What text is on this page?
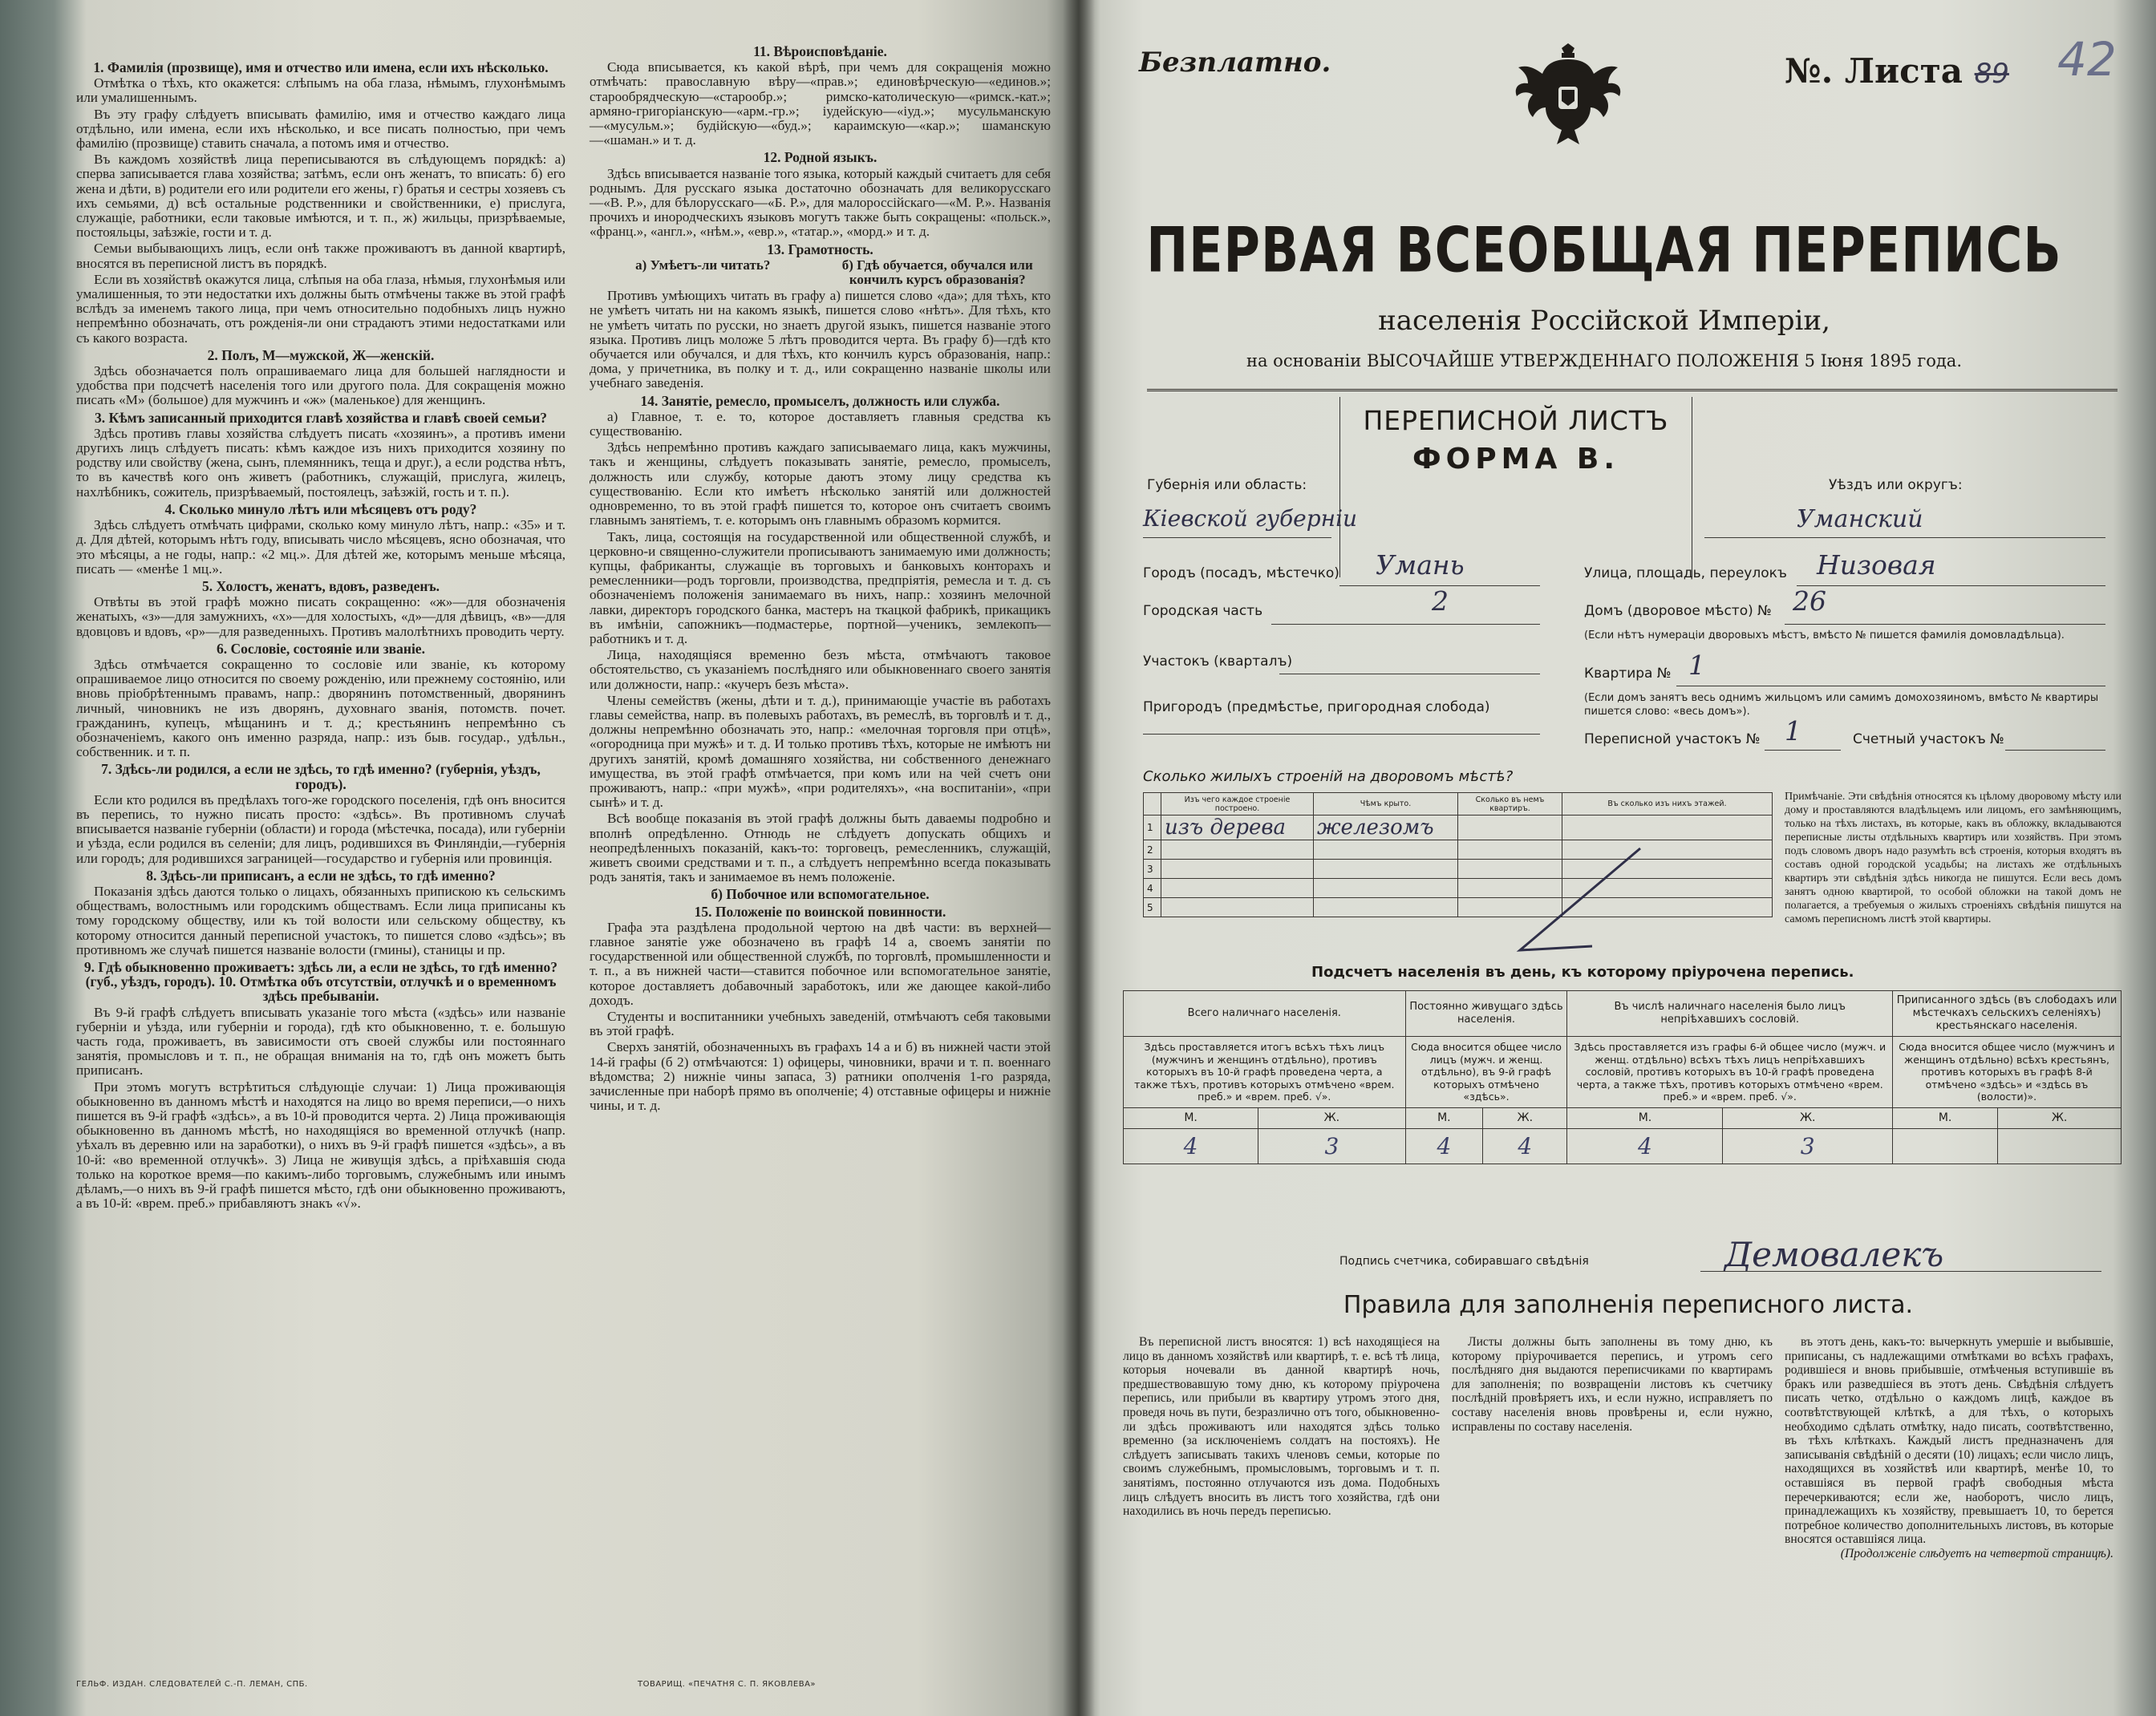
1. Фамилія (прозвище), имя и отчество или имена, если ихъ нѣсколько.

Отмѣтка о тѣхъ, кто окажется: слѣпымъ на оба глаза, нѣмымъ, глухонѣмымъ или умалишеннымъ.

Въ эту графу слѣдуетъ вписывать фамилію, имя и отчество каждаго лица отдѣльно, или имена, если ихъ нѣсколько, и все писать полностью, при чемъ фамилію (прозвище) ставить сначала, а потомъ имя и отчество.

Въ каждомъ хозяйствѣ лица переписываются въ слѣдующемъ порядкѣ: а) сперва записывается глава хозяйства; затѣмъ, если онъ женатъ, то вписать: б) его жена и дѣти, в) родители его или родители его жены, г) братья и сестры хозяевъ съ ихъ семьями, д) всѣ остальные родственники и свойственники, е) прислуга, служащіе, работники, если таковые имѣются, и т. п., ж) жильцы, призрѣваемые, постояльцы, заѣзжіе, гости и т. д.

Семьи выбывающихъ лицъ, если онѣ также проживаютъ въ данной квартирѣ, вносятся въ переписной листъ въ порядкѣ.

Если въ хозяйствѣ окажутся лица, слѣпыя на оба глаза, нѣмыя, глухонѣмыя или умалишенныя, то эти недостатки ихъ должны быть отмѣчены также въ этой графѣ вслѣдъ за именемъ такого лица, при чемъ относительно подобныхъ лицъ нужно непремѣнно обозначать, отъ рожденія-ли они страдаютъ этими недостатками или съ какого возраста.

2. Полъ, М—мужской, Ж—женскій.

Здѣсь обозначается полъ опрашиваемаго лица для большей наглядности и удобства при подсчетѣ населенія того или другого пола. Для сокращенія можно писать «М» (большое) для мужчинъ и «ж» (маленькое) для женщинъ.

3. Кѣмъ записанный приходится главѣ хозяйства и главѣ своей семьи?

Здѣсь противъ главы хозяйства слѣдуетъ писать «хозяинъ», а противъ имени другихъ лицъ слѣдуетъ писать: кѣмъ каждое изъ нихъ приходится хозяину по родству или свойству (жена, сынъ, племянникъ, теща и друг.), а если родства нѣтъ, то въ качествѣ кого онъ живетъ (работникъ, служащій, прислуга, жилецъ, нахлѣбникъ, сожитель, призрѣваемый, постоялецъ, заѣзжій, гость и т. п.).

4. Сколько минуло лѣтъ или мѣсяцевъ отъ роду?

Здѣсь слѣдуетъ отмѣчать цифрами, сколько кому минуло лѣтъ, напр.: «35» и т. д. Для дѣтей, которымъ нѣтъ году, вписывать число мѣсяцевъ, ясно обозначая, что это мѣсяцы, а не годы, напр.: «2 мц.». Для дѣтей же, которымъ меньше мѣсяца, писать — «менѣе 1 мц.».

5. Холостъ, женатъ, вдовъ, разведенъ.

Отвѣты въ этой графѣ можно писать сокращенно: «ж»—для обозначенія женатыхъ, «з»—для замужнихъ, «х»—для холостыхъ, «д»—для дѣвицъ, «в»—для вдовцовъ и вдовъ, «р»—для разведенныхъ. Противъ малолѣтнихъ проводить черту.

6. Сословіе, состояніе или званіе.

Здѣсь отмѣчается сокращенно то сословіе или званіе, къ которому опрашиваемое лицо относится по своему рожденію, или прежнему состоянію, или вновь пріобрѣтеннымъ правамъ, напр.: дворянинъ потомственный, дворянинъ личный, чиновникъ не изъ дворянъ, духовнаго званія, потомств. почет. гражданинъ, купецъ, мѣщанинъ и т. д.; крестьянинъ непремѣнно съ обозначеніемъ, какого онъ именно разряда, напр.: изъ быв. государ., удѣльн., собственник. и т. п.

7. Здѣсь-ли родился, а если не здѣсь, то гдѣ именно? (губернія, уѣздъ, городъ).

Если кто родился въ предѣлахъ того-же городского поселенія, гдѣ онъ вносится въ перепись, то нужно писать просто: «здѣсь». Въ противномъ случаѣ вписывается названіе губерніи (области) и города (мѣстечка, посада), или губерніи и уѣзда, если родился въ селеніи; для лицъ, родившихся въ Финляндіи,—губернія или городъ; для родившихся заграницей—государство и губернія или провинція.

8. Здѣсь-ли приписанъ, а если не здѣсь, то гдѣ именно?

Показанія здѣсь даются только о лицахъ, обязанныхъ припискою къ сельскимъ обществамъ, волостнымъ или городскимъ обществамъ. Если лица приписаны къ тому городскому обществу, или къ той волости или сельскому обществу, къ которому относится данный переписной участокъ, то пишется слово «здѣсь»; въ противномъ же случаѣ пишется названіе волости (гмины), станицы и пр.

9. Гдѣ обыкновенно проживаетъ: здѣсь ли, а если не здѣсь, то гдѣ именно? (губ., уѣздъ, городъ). 10. Отмѣтка объ отсутствіи, отлучкѣ и о временномъ здѣсь пребываніи.

Въ 9-й графѣ слѣдуетъ вписывать указаніе того мѣста («здѣсь» или названіе губерніи и уѣзда, или губерніи и города), гдѣ кто обыкновенно, т. е. большую часть года, проживаетъ, въ зависимости отъ своей службы или постояннаго занятія, промысловъ и т. п., не обращая вниманія на то, гдѣ онъ можетъ быть приписанъ.

При этомъ могутъ встрѣтиться слѣдующіе случаи: 1) Лица проживающія обыкновенно въ данномъ мѣстѣ и находятся на лицо во время переписи,—о нихъ пишется въ 9-й графѣ «здѣсь», а въ 10-й проводится черта. 2) Лица проживающія обыкновенно въ данномъ мѣстѣ, но находящіяся во временной отлучкѣ (напр. уѣхалъ въ деревню или на заработки), о нихъ въ 9-й графѣ пишется «здѣсь», а въ 10-й: «во временной отлучкѣ». 3) Лица не живущія здѣсь, а пріѣхавшія сюда только на короткое время—по какимъ-либо торговымъ, служебнымъ или инымъ дѣламъ,—о нихъ въ 9-й графѣ пишется мѣсто, гдѣ они обыкновенно проживаютъ, а въ 10-й: «врем. преб.» прибавляютъ знакъ «√».

11. Вѣроисповѣданіе.

Сюда вписывается, къ какой вѣрѣ, при чемъ для сокращенія можно отмѣчать: православную вѣру—«прав.»; единовѣрческую—«единов.»; старообрядческую—«старообр.»; римско-католическую—«римск.-кат.»; армяно-григоріанскую—«арм.-гр.»; іудейскую—«іуд.»; мусульманскую—«мусульм.»; будійскую—«буд.»; караимскую—«кар.»; шаманскую—«шаман.» и т. д.

12. Родной языкъ.

Здѣсь вписывается названіе того языка, который каждый считаетъ для себя роднымъ. Для русскаго языка достаточно обозначать для великорусскаго—«В. Р.», для бѣлорусскаго—«Б. Р.», для малороссійскаго—«М. Р.». Названія прочихъ и инородческихъ языковъ могутъ также быть сокращены: «польск.», «франц.», «англ.», «нѣм.», «евр.», «татар.», «морд.» и т. д.

13. Грамотность.
а) Умѣетъ-ли читать?	б) Гдѣ обучается, обучался или кончилъ курсъ образованія?

Противъ умѣющихъ читать въ графу а) пишется слово «да»; для тѣхъ, кто не умѣетъ читать ни на какомъ языкѣ, пишется слово «нѣтъ». Для тѣхъ, кто не умѣетъ читать по русски, но знаетъ другой языкъ, пишется названіе этого языка. Противъ лицъ моложе 5 лѣтъ проводится черта. Въ графу б)—гдѣ кто обучается или обучался, и для тѣхъ, кто кончилъ курсъ образованія, напр.: дома, у причетника, въ полку и т. д., или сокращенно названіе школы или учебнаго заведенія.

14. Занятіе, ремесло, промыселъ, должность или служба.

а) Главное, т. е. то, которое доставляетъ главныя средства къ существованію.

Здѣсь непремѣнно противъ каждаго записываемаго лица, какъ мужчины, такъ и женщины, слѣдуетъ показывать занятіе, ремесло, промыселъ, должность или службу, которые даютъ этому лицу средства къ существованію. Если кто имѣетъ нѣсколько занятій или должностей одновременно, то въ этой графѣ пишется то, которое онъ считаетъ своимъ главнымъ занятіемъ, т. е. которымъ онъ главнымъ образомъ кормится.

Такъ, лица, состоящія на государственной или общественной службѣ, и церковно-и священно-служители прописываютъ занимаемую ими должность; купцы, фабриканты, служащіе въ торговыхъ и банковыхъ конторахъ и ремесленники—родъ торговли, производства, предпріятія, ремесла и т. д. съ обозначеніемъ положенія занимаемаго въ нихъ, напр.: хозяинъ мелочной лавки, директоръ городского банка, мастеръ на ткацкой фабрикѣ, прикащикъ въ имѣніи, сапожникъ—подмастерье, портной—ученикъ, землекопъ—работникъ и т. д.

Лица, находящіяся временно безъ мѣста, отмѣчаютъ таковое обстоятельство, съ указаніемъ послѣдняго или обыкновеннаго своего занятія или должности, напр.: «кучеръ безъ мѣста».

Члены семействъ (жены, дѣти и т. д.), принимающіе участіе въ работахъ главы семейства, напр. въ полевыхъ работахъ, въ ремеслѣ, въ торговлѣ и т. д., должны непремѣнно обозначать это, напр.: «мелочная торговля при отцѣ», «огородница при мужѣ» и т. д. И только противъ тѣхъ, которые не имѣютъ ни другихъ занятій, кромѣ домашняго хозяйства, ни собственного денежнаго имущества, въ этой графѣ отмѣчается, при комъ или на чей счетъ они проживаютъ, напр.: «при мужѣ», «при родителяхъ», «на воспитаніи», «при сынѣ» и т. д.

Всѣ вообще показанія въ этой графѣ должны быть даваемы подробно и вполнѣ опредѣленно. Отнюдь не слѣдуетъ допускать общихъ и неопредѣленныхъ показаній, какъ-то: торговецъ, ремесленникъ, служащій, живетъ своими средствами и т. п., а слѣдуетъ непремѣнно всегда показывать родъ занятія, такъ и занимаемое въ немъ положеніе.

б) Побочное или вспомогательное.
15. Положеніе по воинской повинности.

Графа эта раздѣлена продольной чертою на двѣ части: въ верхней—главное занятіе уже обозначено въ графѣ 14 а, своемъ занятіи по государственной или общественной службѣ, по торговлѣ, промышленности и т. п., а въ нижней части—ставится побочное или вспомогательное занятіе, которое доставляетъ добавочный заработокъ, или же дающее какой-либо доходъ.

Студенты и воспитанники учебныхъ заведеній, отмѣчаютъ себя таковыми въ этой графѣ.

Сверхъ занятій, обозначенныхъ въ графахъ 14 а и б) въ нижней части этой 14-й графы (б 2) отмѣчаются: 1) офицеры, чиновники, врачи и т. п. военнаго вѣдомства; 2) нижніе чины запаса, 3) ратники ополченія 1-го разряда, зачисленные при наборѣ прямо въ ополченіе; 4) отставные офицеры и нижніе чины, и т. д.

ГЕЛЬФ. ИЗДАН. СЛЕДОВАТЕЛЕЙ С.-П. ЛЕМАН, СПБ.	ТОВАРИЩ. «ПЕЧАТНЯ С. П. ЯКОВЛЕВА»
Безплатно.	№. Листа 89 42
ПЕРВАЯ ВСЕОБЩАЯ ПЕРЕПИСЬ
населенія Россійской Имперіи,
на основаніи ВЫСОЧАЙШЕ УТВЕРЖДЕННАГО ПОЛОЖЕНІЯ 5 Іюня 1895 года.
Губернія или область:
Кіевской губерніи
ПЕРЕПИСНОЙ ЛИСТЪ
ФОРМА В.
Уѣздъ или округъ:
Уманский
Городъ (посадъ, мѣстечко) Умань
Городская часть	2
Участокъ (кварталъ)
Пригородъ (предмѣстье, пригородная слобода)
Улица, площадь, переулокъ Низовая
Домъ (дворовое мѣсто) № 26
(Если нѣтъ нумераціи дворовыхъ мѣстъ, вмѣсто № пишется фамилія домовладѣльца).
Квартира № 1
(Если домъ занятъ весь однимъ жильцомъ или самимъ домохозяиномъ, вмѣсто № квартиры пишется слово: «весь домъ»).
Переписной участокъ № 1	Счетный участокъ №
Сколько жилыхъ строеній на дворовомъ мѣстѣ?
	Изъ чего каждое строеніе построено.	Чѣмъ крыто.	Сколько въ немъ квартиръ.	Въ сколько изъ нихъ этажей.
1	изъ дерева	железомъ		
2				
3				
4				
5				
Примѣчаніе. Эти свѣдѣнія относятся къ цѣлому дворовому мѣсту или дому и проставляются владѣльцемъ или лицомъ, его замѣняющимъ, только на тѣхъ листахъ, въ которые, какъ въ обложку, вкладываются переписные листы отдѣльныхъ квартиръ или хозяйствъ. При этомъ подъ словомъ дворъ надо разумѣть всѣ строенія, которыя входятъ въ составъ одной городской усадьбы; на листахъ же отдѣльныхъ квартиръ эти свѣдѣнія здѣсь никогда не пишутся. Если весь домъ занятъ одною квартирой, то особой обложки на такой домъ не полагается, а требуемыя о жилыхъ строеніяхъ свѣдѣнія пишутся на самомъ переписномъ листѣ этой квартиры.
Подсчетъ населенія въ день, къ которому пріурочена перепись.
Всего наличнаго населенія.		Постоянно живущаго здѣсь населенія.		Въ числѣ наличнаго населенія было лицъ непріѣхавшихъ сословій.		Приписанного здѣсь (въ слободахъ или мѣстечкахъ сельскихъ селеніяхъ) крестьянскаго населенія.	
Здѣсь проставляется итогъ всѣхъ тѣхъ лицъ (мужчинъ и женщинъ отдѣльно), противъ которыхъ въ 10-й графѣ проведена черта, а также тѣхъ, противъ которыхъ отмѣчено «врем. преб.» и «врем. преб. √».		Сюда вносится общее число лицъ (мужч. и женщ. отдѣльно), въ 9-й графѣ которыхъ отмѣчено «здѣсь».		Здѣсь проставляется изъ графы 6-й общее число (мужч. и женщ. отдѣльно) всѣхъ тѣхъ лицъ непріѣхавшихъ сословій, противъ которыхъ въ 10-й графѣ проведена черта, а также тѣхъ, противъ которыхъ отмѣчено «врем. преб.» и «врем. преб. √».		Сюда вносится общее число (мужчинъ и женщинъ отдѣльно) всѣхъ крестьянъ, противъ которыхъ въ графѣ 8-й отмѣчено «здѣсь» и «здѣсь въ (волости)».	
М.	Ж.	М.	Ж.	М.	Ж.	М.	Ж.
4	3	4	4	4	3		
Подпись счетчика, собиравшаго свѣдѣнія	Демовалекъ
Правила для заполненія переписного листа.

Въ переписной листъ вносятся: 1) всѣ находящіеся на лицо въ данномъ хозяйствѣ или квартирѣ, т. е. всѣ тѣ лица, которыя ночевали въ данной квартирѣ ночь, предшествовавшую тому дню, къ которому пріурочена перепись, или прибыли въ квартиру утромъ этого дня, проведя ночь въ пути, безразлично отъ того, обыкновенно-ли здѣсь проживаютъ или находятся здѣсь только временно (за исключеніемъ солдатъ на постояхъ). Не слѣдуетъ записывать такихъ членовъ семьи, которые по своимъ служебнымъ, промысловымъ, торговымъ и т. п. занятіямъ, постоянно отлучаются изъ дома. Подобныхъ лицъ слѣдуетъ вносить въ листъ того хозяйства, гдѣ они находились въ ночь передъ переписью.

Листы должны быть заполнены въ тому дню, къ которому пріурочивается перепись, и утромъ сего послѣдняго дня выдаются переписчиками по квартирамъ для заполненія; по возвращеніи листовъ къ счетчику послѣдній провѣряетъ ихъ, и если нужно, исправляетъ по составу населенія вновь провѣрены и, если нужно, исправлены по составу населенія.

въ этотъ день, какъ-то: вычеркнуть умершіе и выбывшіе, приписаны, съ надлежащими отмѣтками во всѣхъ графахъ, родившіеся и вновь прибывшіе, отмѣченыя вступившіе въ бракъ или разведшіеся въ этотъ день. Свѣдѣнія слѣдуетъ писать четко, отдѣльно о каждомъ лицѣ, каждое въ соотвѣтствующей клѣткѣ, а для тѣхъ, о которыхъ необходимо сдѣлать отмѣтку, надо писать, соотвѣтственно, въ тѣхъ клѣткахъ. Каждый листъ предназначенъ для записыванія свѣдѣній о десяти (10) лицахъ; если число лицъ, находящихся въ хозяйствѣ или квартирѣ, менѣе 10, то оставшіяся въ первой графѣ свободныя мѣста перечеркиваются; если же, наоборотъ, число лицъ, принадлежащихъ къ хозяйству, превышаетъ 10, то берется потребное количество дополнительныхъ листовъ, въ которые вносятся оставшіяся лица.

(Продолженіе слѣдуетъ на четвертой страницѣ).
